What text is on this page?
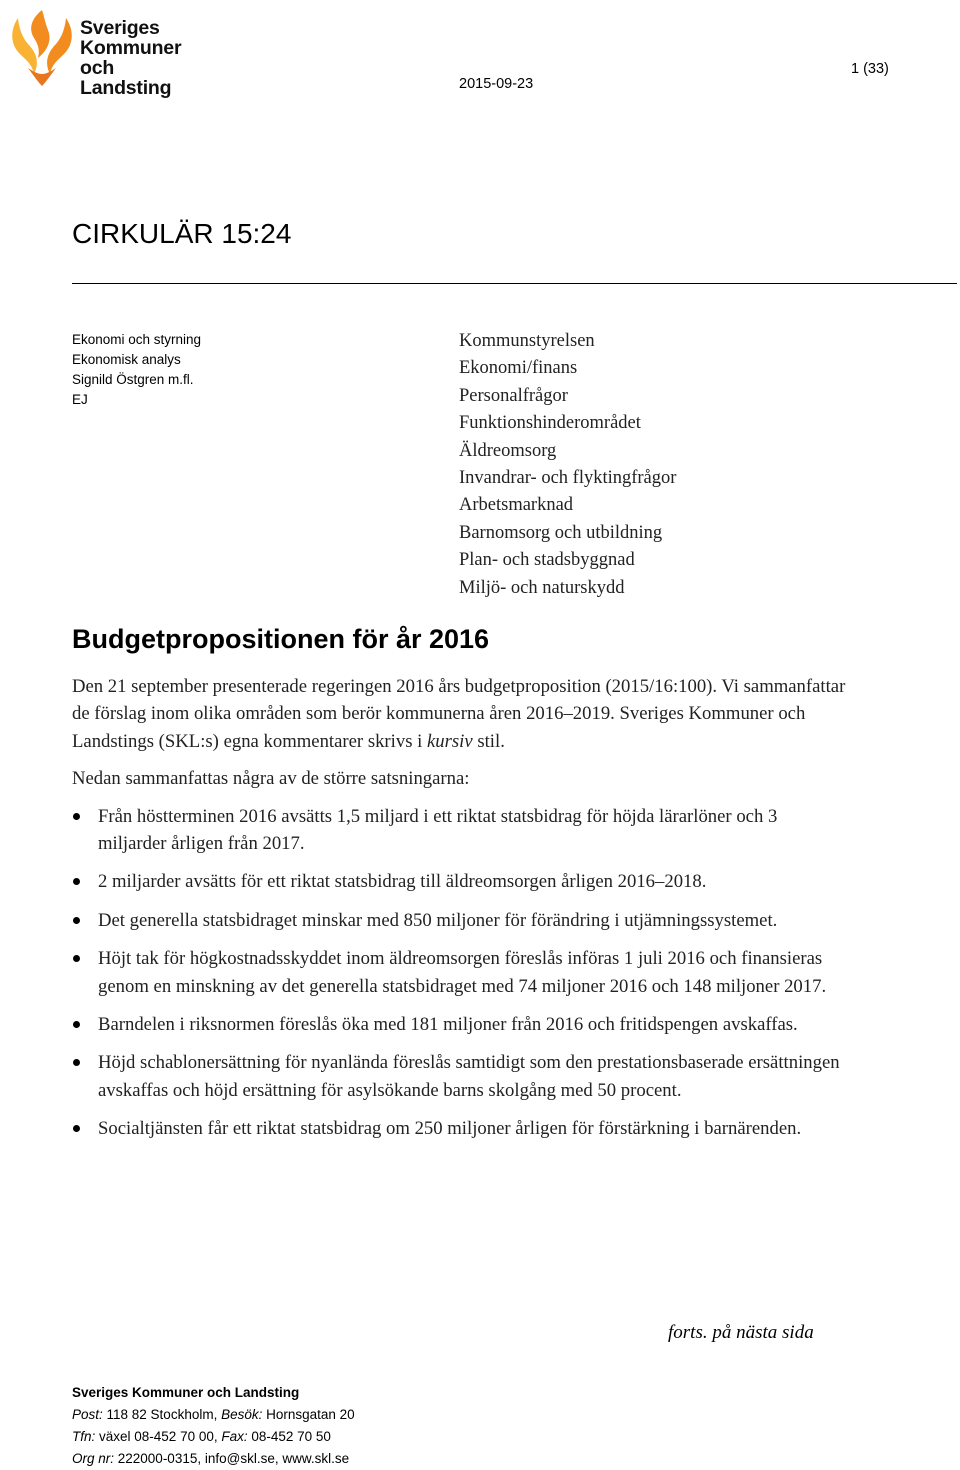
Sveriges
Kommuner
och Landsting	2015-09-23
1 (33)
CIRKULÄR 15:24
Ekonomi och styrning
Ekonomisk analys
Signild Östgren m.fl.
EJ
Kommunstyrelsen
Ekonomi/finans
Personalfrågor
Funktionshinderområdet
Äldreomsorg
Invandrar- och flyktingfrågor
Arbetsmarknad
Barnomsorg och utbildning
Plan- och stadsbyggnad
Miljö- och naturskydd
Budgetpropositionen för år 2016

Den 21 september presenterade regeringen 2016 års budgetproposition (2015/16:100). Vi sammanfattar de förslag inom olika områden som berör kommunerna åren 2016–2019. Sveriges Kommuner och Landstings (SKL:s) egna kommentarer skrivs i kursiv stil.

Nedan sammanfattas några av de större satsningarna:

Från höstterminen 2016 avsätts 1,5 miljard i ett riktat statsbidrag för höjda lärarlöner och 3 miljarder årligen från 2017.
2 miljarder avsätts för ett riktat statsbidrag till äldreomsorgen årligen 2016–2018.
Det generella statsbidraget minskar med 850 miljoner för förändring i utjämningssystemet.
Höjt tak för högkostnadsskyddet inom äldreomsorgen föreslås införas 1 juli 2016 och finansieras genom en minskning av det generella statsbidraget med 74 miljoner 2016 och 148 miljoner 2017.
Barndelen i riksnormen föreslås öka med 181 miljoner från 2016 och fritidspengen avskaffas.
Höjd schablonersättning för nyanlända föreslås samtidigt som den prestationsbaserade ersättningen avskaffas och höjd ersättning för asylsökande barns skolgång med 50 procent.
Socialtjänsten får ett riktat statsbidrag om 250 miljoner årligen för förstärkning i barnärenden.
forts. på nästa sida
Sveriges Kommuner och Landsting
Post: 118 82 Stockholm, Besök: Hornsgatan 20
Tfn: växel 08-452 70 00, Fax: 08-452 70 50
Org nr: 222000-0315, info@skl.se, www.skl.se
